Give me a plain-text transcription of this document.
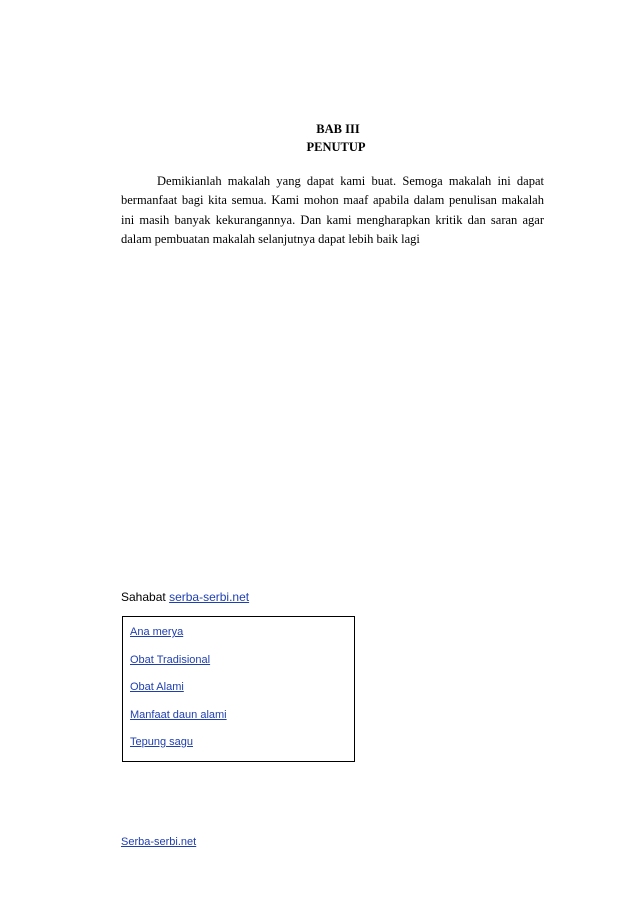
BAB III
PENUTUP

Demikianlah makalah yang dapat kami buat. Semoga makalah ini dapat bermanfaat bagi kita semua. Kami mohon maaf apabila dalam penulisan makalah ini masih banyak kekurangannya. Dan kami mengharapkan kritik dan saran agar dalam pembuatan makalah selanjutnya dapat lebih baik lagi

Sahabat serba-serbi.net
Ana merya
Obat Tradisional
Obat Alami
Manfaat daun alami
Tepung sagu
Serba-serbi.net
